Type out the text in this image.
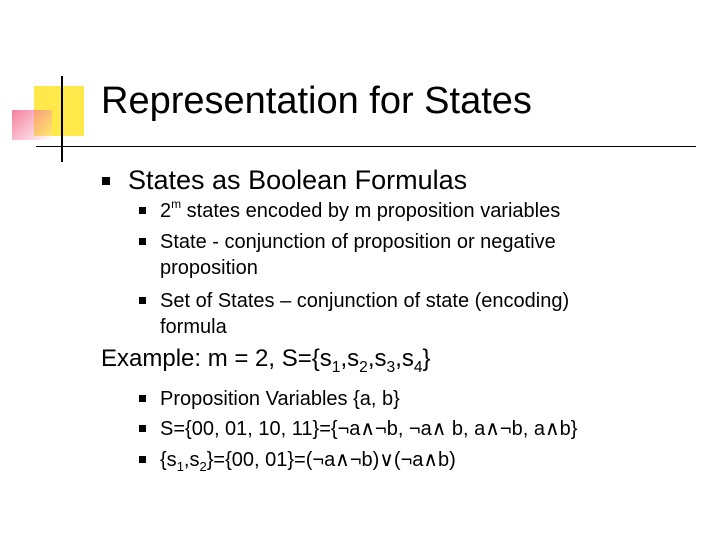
Representation for States
States as Boolean Formulas
2$^m$ states encoded by m proposition variables
State - conjunction of proposition or negative
proposition
Set of States – conjunction of state (encoding)
formula
Example: m = 2, $S=\{s_1,s_2,s_3,s_4\}$
Proposition Variables {a, b}
S={00, 01, 10, 11}={¬a∧¬b, ¬a∧ b, a∧¬b, a∧b}
$\{s_1,s_2\}=\{00$, 01}=(¬a∧¬b)∨(¬a∧b)
